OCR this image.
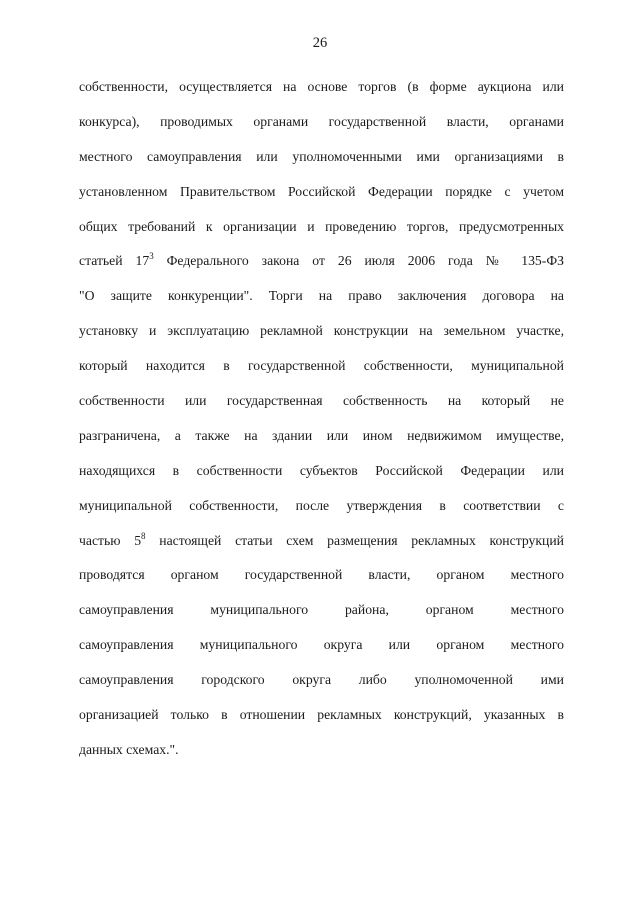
26
собственности, осуществляется на основе торгов (в форме аукциона или
конкурса), проводимых органами государственной власти, органами
местного самоуправления или уполномоченными ими организациями в
установленном Правительством Российской Федерации порядке с учетом
общих требований к организации и проведению торгов, предусмотренных
статьей $17^3$ Федерального закона от 26 июля 2006 года № 135-ФЗ
"О защите конкуренции". Торги на право заключения договора на
установку и эксплуатацию рекламной конструкции на земельном участке,
который находится в государственной собственности, муниципальной
собственности или государственная собственность на который не
разграничена, а также на здании или ином недвижимом имуществе,
находящихся в собственности субъектов Российской Федерации или
муниципальной собственности, после утверждения в соответствии с
частью $5^8$ настоящей статьи схем размещения рекламных конструкций
проводятся органом государственной власти, органом местного
самоуправления муниципального района, органом местного
самоуправления муниципального округа или органом местного
самоуправления городского округа либо уполномоченной ими
организацией только в отношении рекламных конструкций, указанных в
данных схемах.".
